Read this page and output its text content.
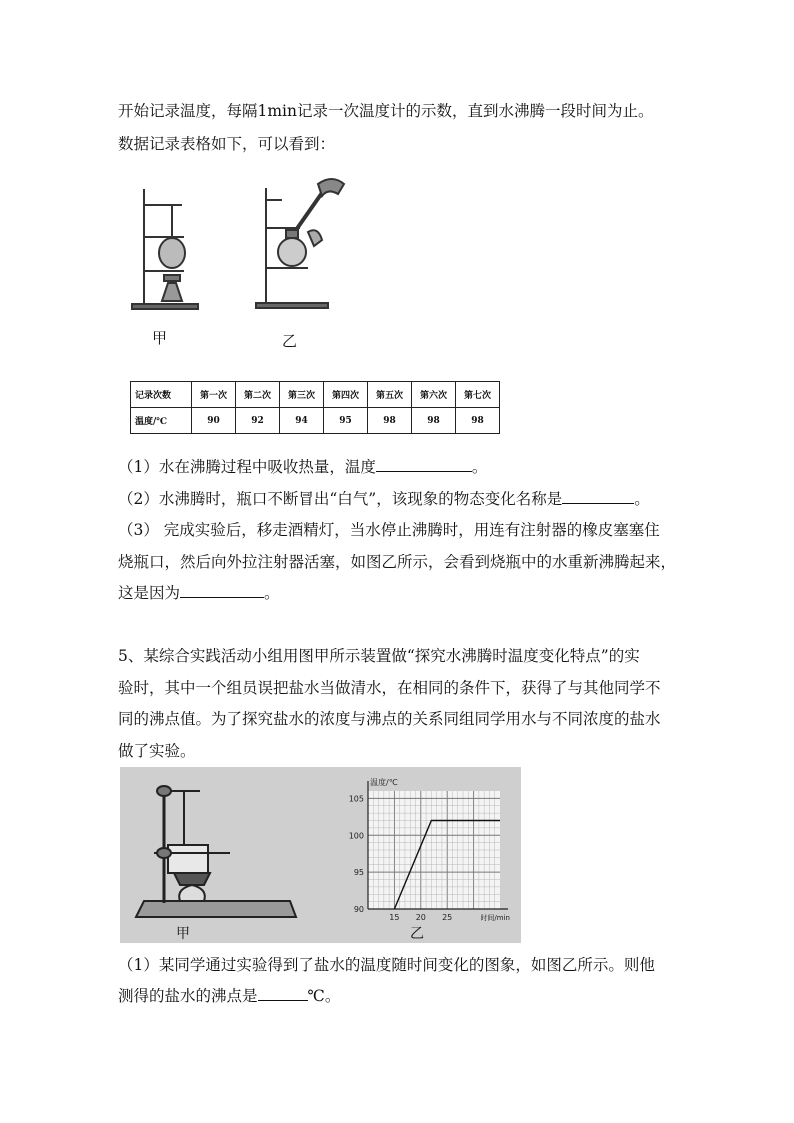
开始记录温度，每隔1min记录一次温度计的示数，直到水沸腾一段时间为止。
数据记录表格如下，可以看到：
甲	乙
记录次数	第一次	第二次	第三次	第四次	第五次	第六次	第七次
温度/℃	90	92	94	95	98	98	98
（1）水在沸腾过程中吸收热量，温度	。
（2）水沸腾时，瓶口不断冒出“白气”，该现象的物态变化名称是	。
（3） 完成实验后，移走酒精灯，当水停止沸腾时，用连有注射器的橡皮塞塞住
烧瓶口，然后向外拉注射器活塞，如图乙所示，会看到烧瓶中的水重新沸腾起来，
这是因为	。
5、某综合实践活动小组用图甲所示装置做“探究水沸腾时温度变化特点”的实
验时，其中一个组员误把盐水当做清水，在相同的条件下，获得了与其他同学不
同的沸点值。为了探究盐水的浓度与沸点的关系同组同学用水与不同浓度的盐水
做了实验。
90
95
100
105
15 20 25
温度/℃
时间/min
甲	乙
（1）某同学通过实验得到了盐水的温度随时间变化的图象，如图乙所示。则他
测得的盐水的沸点是	℃。
